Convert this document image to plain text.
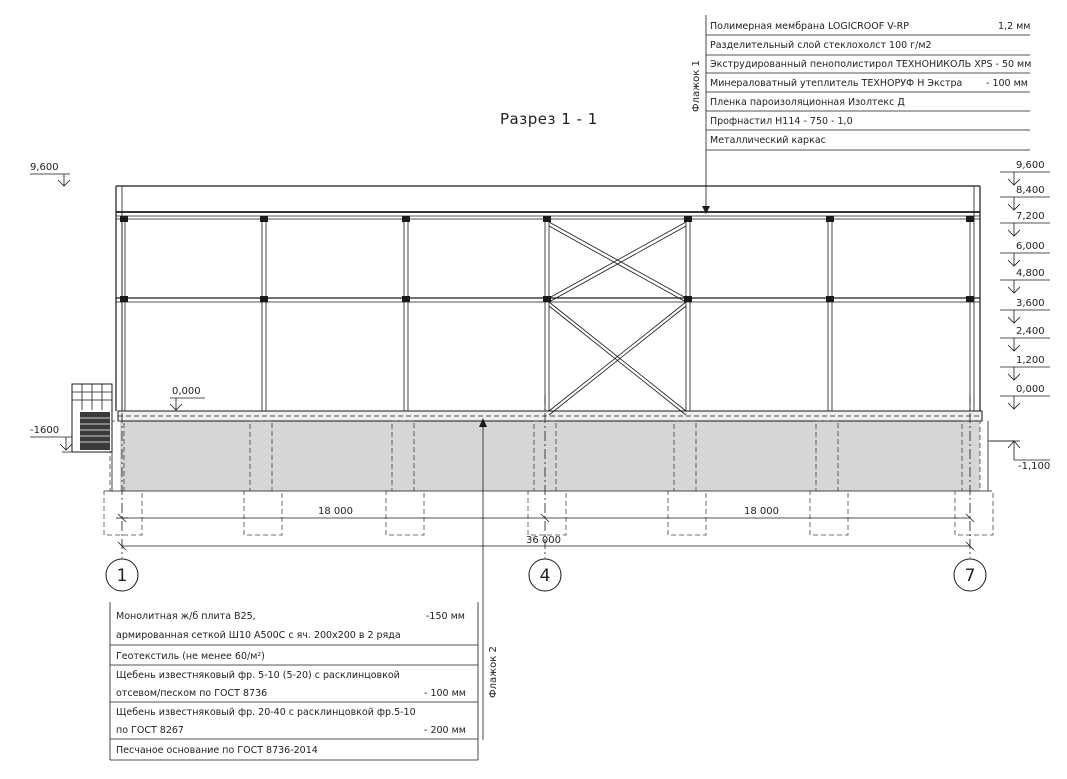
Полимерная мембрана LOGICROOF V-RP	1,2 мм
Разделительный слой стеклохолст 100 г/м2
Экструдированный пенополистирол ТЕХНОНИКОЛЬ XPS - 50 мм
Минераловатный утеплитель ТЕХНОРУФ Н Экстра - 100 мм
Пленка пароизоляционная Изолтекс Д
Профнастил Н114 - 750 - 1,0
Металлический каркас
Флажок 1
Разрез 1 - 1
9,600
0,000
-1600
9,600
8,400
7,200
6,000
4,800
3,600
2,400
1,200
0,000
-1,100
18 000	18 000
36 000
1	4	7
Монолитная ж/б плита В25,	-150 мм
армированная сеткой Ш10 А500С с яч. 200х200 в 2 ряда
Геотекстиль (не менее 60/м²)
Щебень известняковый фр. 5-10 (5-20) с расклинцовкой
отсевом/песком по ГОСТ 8736	- 100 мм
Щебень известняковый фр. 20-40 с расклинцовкой фр.5-10
по ГОСТ 8267	- 200 мм
Песчаное основание по ГОСТ 8736-2014
Флажок 2
